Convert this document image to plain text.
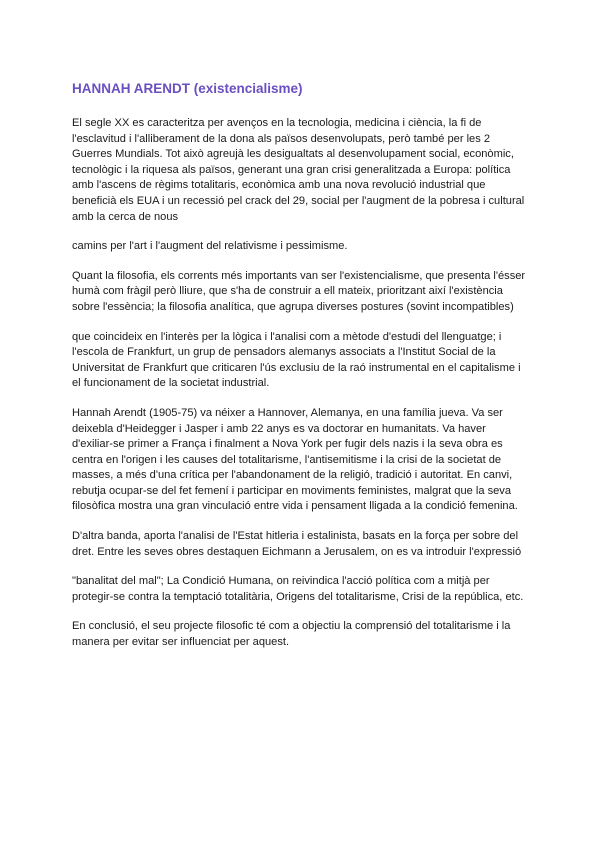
HANNAH ARENDT (existencialisme)

El segle XX es caracteritza per avenços en la tecnologia, medicina i ciència, la fi de l'esclavitud i l'alliberament de la dona als països desenvolupats, però també per les 2 Guerres Mundials. Tot això agreujà les desigualtats al desenvolupament social, econòmic, tecnològic i la riquesa als països, generant una gran crisi generalitzada a Europa: política amb l'ascens de règims totalitaris, econòmica amb una nova revolució industrial que beneficià els EUA i un recessió pel crack del 29, social per l'augment de la pobresa i cultural amb la cerca de nous

camins per l'art i l'augment del relativisme i pessimisme.

Quant la filosofia, els corrents més importants van ser l'existencialisme, que presenta l'ésser humà com fràgil però lliure, que s'ha de construir a ell mateix, prioritzant així l'existència sobre l'essència; la filosofia analítica, que agrupa diverses postures (sovint incompatibles)

que coincideix en l'interès per la lògica i l'analisi com a mètode d'estudi del llenguatge; i l'escola de Frankfurt, un grup de pensadors alemanys associats a l'Institut Social de la Universitat de Frankfurt que criticaren l'ús exclusiu de la raó instrumental en el capitalisme i el funcionament de la societat industrial.

Hannah Arendt (1905-75) va néixer a Hannover, Alemanya, en una família jueva. Va ser deixebla d'Heidegger i Jasper i amb 22 anys es va doctorar en humanitats. Va haver d'exiliar-se primer a França i finalment a Nova York per fugir dels nazis i la seva obra es centra en l'origen i les causes del totalitarisme, l'antisemitisme i la crisi de la societat de masses, a més d'una crítica per l'abandonament de la religió, tradició i autoritat. En canvi, rebutja ocupar-se del fet femení i participar en moviments feministes, malgrat que la seva filosòfica mostra una gran vinculació entre vida i pensament lligada a la condició femenina.

D'altra banda, aporta l'analisi de l'Estat hitleria i estalinista, basats en la força per sobre del dret. Entre les seves obres destaquen Eichmann a Jerusalem, on es va introduir l'expressió

"banalitat del mal"; La Condició Humana, on reivindica l'acció política com a mitjà per protegir-se contra la temptació totalitària, Origens del totalitarisme, Crisi de la república, etc.

En conclusió, el seu projecte filosofic té com a objectiu la comprensió del totalitarisme i la manera per evitar ser influenciat per aquest.
